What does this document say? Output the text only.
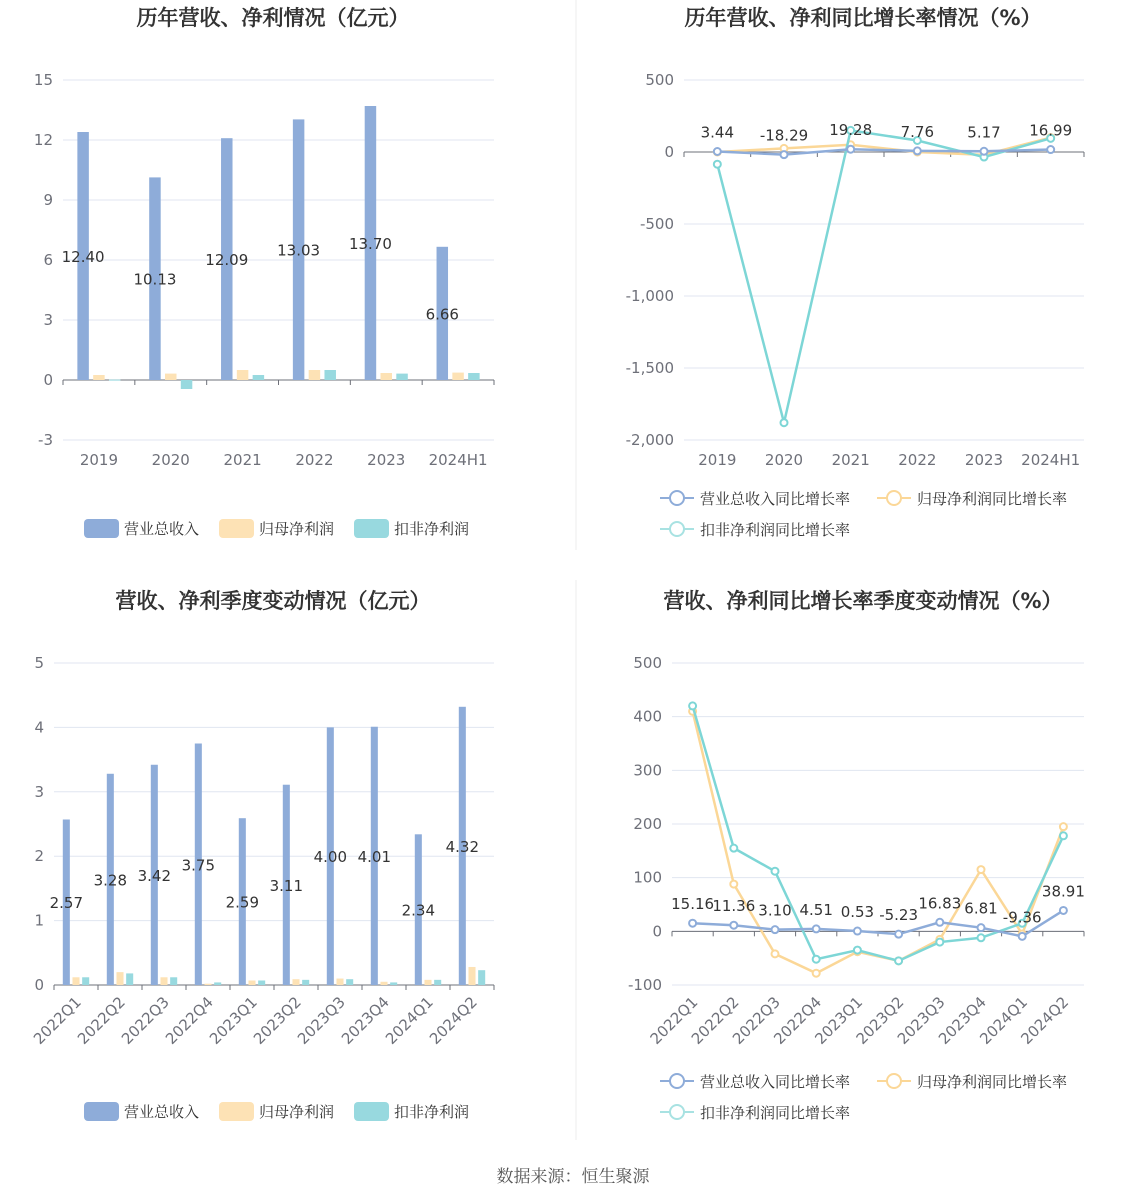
历年营收、净利情况（亿元）
-3
0
3
6
9
12
15
2019 2020 2021 2022 2023 2024H1
12.40
10.13
12.09
13.03 13.70
6.66
营业总收入	归母净利润	扣非净利润
历年营收、净利同比增长率情况（%）
-2,000
-1,500
-1,000
-500
0
500
2019 2020 2021 2022 2023 2024H1
3.44 -18.29 19.28 7.76 5.17 16.99
营业总收入同比增长率	归母净利润同比增长率
扣非净利润同比增长率
营收、净利季度变动情况（亿元）
0
1
2
3
4
5
2022Q1
2022Q2
2022Q3
2022Q4
2023Q1
2023Q2
2023Q3
2023Q4
2024Q1
2024Q2
2.57
3.28 3.42
3.75
2.59
3.11
4.00 4.01
2.34
4.32
营业总收入	归母净利润	扣非净利润
营收、净利同比增长率季度变动情况（%）
-100
0
100
200
300
400
500
2022Q1
2022Q2
2022Q3
2022Q4
2023Q1
2023Q2
2023Q3
2023Q4
2024Q1
2024Q2
15.16
11.36 3.10 4.51 0.53 -5.23
16.83 6.81 -9.36
38.91
营业总收入同比增长率	归母净利润同比增长率
扣非净利润同比增长率
数据来源：恒生聚源
